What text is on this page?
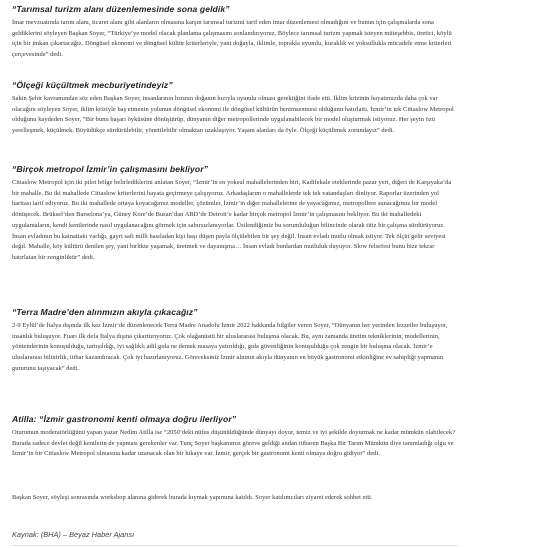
“Tarımsal turizm alanı düzenlemesinde sona geldik”

İmar mevzuatında tarım alanı, ticaret alanı gibi alanların olmasına karşın tarımsal turizmi tarif eden imar düzenlemesi olmadığını ve bunun için çalışmalarda sona geldiklerini söyleyen Başkan Soyer, “Türkiye’ye model olacak planlama çalışmasını sonlandırıyoruz. Böylece tarımsal turizm yapmak isteyen müteşebbis, üretici, köylü için bir imkan çıkartacağız. Döngüsel ekonomi ve döngüsel kültür kriterleriyle, yani doğayla, iklimle, toprakla uyumlu, kuraklık ve yoksullukla mücadele etme kriterleri çerçevesinde” dedi.

“Ölçeği küçültmek mecburiyetindeyiz”

Sakin Şehir kavramından söz eden Başkan Soyer, insanlarının hızının doğanın hızıyla uyumlu olması gerektiğini ifade etti. İklim krizinin hayatımızda daha çok var olacağını söyleyen Soyer, iklim kriziyle baş etmenin yolunun döngüsel ekonomi ile döngüsel kültürün benimsenmesi olduğunu hatırlattı. İzmir’in tek Cittaslow Metropol olduğunu kaydeden Soyer, “Bir bunu başarı öyküsüne dönüştürüp, dünyanın diğer metropollerinde uygulanabilecek bir model oluşturmak istiyoruz. Her şeyin özü yerelleşmek, küçülmek. Büyüdükçe sürdürülebilir, yönetilebilir olmaktan uzaklaşıyor. Yaşam alanları da öyle. Ölçeği küçültmek zorundayız” dedi.

“Birçok metropol İzmir’in çalışmasını bekliyor”

Cittaslow Metropol için iki pilot bölge belirlediklerini anlatan Soyer, “İzmir’in en yoksul mahallelerinden biri, Kadifekale eteklerinde pazar yeri, diğeri de Karşıyaka’da bir mahalle. Bu iki mahallede Cittaslow kriterlerini hayata geçirmeye çalışıyoruz. Arkadaşlarım o mahallelerde tek tek vatandaşları dinliyor. Raporlar üzerinden yol haritası tarif ediyoruz. Bu iki mahallede ortaya koyacağımız modeller, çözümler, İzmir’in diğer mahallelerine de yayacağımız, metropollere sunacağımız bir model dönüşecek. Brüksel’den Barselona’ya, Güney Kore’de Busan’dan ABD’de Detroit’e kadar birçok metropol İzmir’in çalışmasını bekliyor. Bu iki mahalledeki uygulamaların, kendi kentlerinde nasıl uygulanacağını görmek için sabırsızlanıyorlar. Üstlendiğimiz bu sorumluluğun bilincinde olarak titiz bir çalışma sürdürüyoruz. İnsan evladının bu kainattaki varlığı, gayri safi milli hasıladan kişi başı düşen payla ölçülebilen bir şey değil. İnsan evladı mutlu olmak istiyor. Tek ölçüt gelir seviyesi değil. Mahalle, köy kültürü denilen şey, yani birlikte yaşamak, üretmek ve dayanışma… İnsan evladı bunlardan mutluluk duyuyor. Slow felsefesi bunu bize tekrar hatırlatan bir zenginliktir” dedi.

“Terra Madre’den alınmızın akıyla çıkacağız”

2-9 Eylül’de İtalya dışında ilk kez İzmir’de düzenlenecek Terra Madre Anadolu İzmir 2022 hakkında bilgiler veren Soyer, “Dünyanın her yerinden lezzetler buluşuyor, insanlık buluşuyor. Fuarı ilk defa İtalya dışına çıkarttırıyoruz. Çok olağanüstü bir uluslararası buluşma olacak. Bu, aynı zamanda üretim tekniklerinin, modellerinin, yöntemlerinin konuşulduğu, tartışıldığı, iyi sağlıklı adil gıda ne demek masaya yatırıldığı, gıda güvenliğinin konuşulduğu çok zengin bir buluşma olacak. İzmir’e uluslararası bilinirlik, itibar kazandıracak. Çok iyi hazırlanıyoruz. Göreceksiniz İzmir alnının akıyla dünyanın en büyük gastronomi etkinliğine ev sahipliği yapmanın gururunu taşıyacak” dedi.

Atilla: “İzmir gastronomi kenti olmaya doğru ilerliyor”

Oturumun moderatörlüğünü yapan yazar Nedim Atilla ise “2050’deki nüfus düşünüldüğünde dünyayı doyur, temiz ve iyi şekilde doyurmak ne kadar mümkün olabilecek? Burada sadece devlet değil kentlerin de yapması gerekenler var. Tunç Soyer başkanımız göreve geldiği andan itibaren Başka Bir Tarım Mümkün diye tanımladığı olgu ve İzmir’in bir Cittaslow Metropol olmasına kadar uzanacak olan bir hikaye var. İzmir, gerçek bir gastronomi kenti olmaya doğru gidiyor” dedi.

Başkan Soyer, söyleşi sonrasında workshop alanına giderek burada kıymak yapımına katıldı. Soyer katılımcıları ziyaret ederek sohbet etti.

Kaynak: (BHA) – Beyaz Haber Ajansı
